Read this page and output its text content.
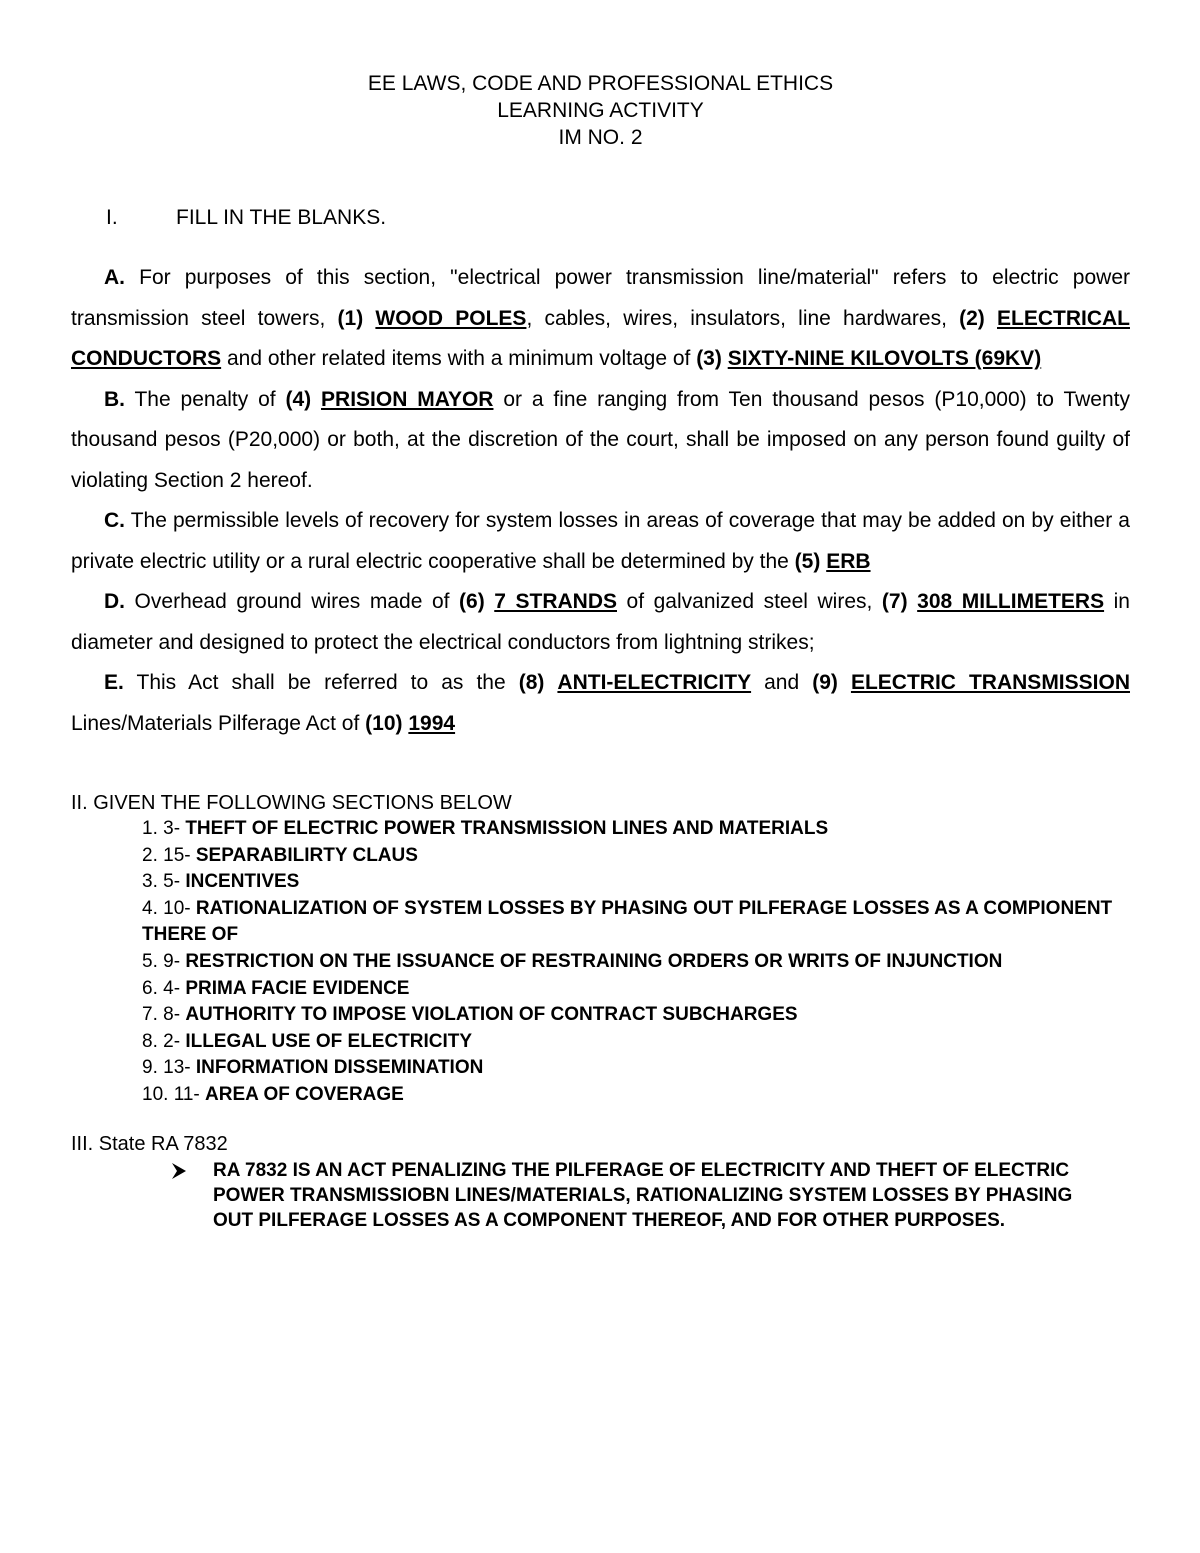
EE LAWS, CODE AND PROFESSIONAL ETHICS
LEARNING ACTIVITY
IM NO. 2
I.	FILL IN THE BLANKS.

A. For purposes of this section, "electrical power transmission line/material" refers to electric power transmission steel towers, (1) WOOD POLES, cables, wires, insulators, line hardwares, (2) ELECTRICAL CONDUCTORS and other related items with a minimum voltage of (3) SIXTY-NINE KILOVOLTS (69KV)

B. The penalty of (4) PRISION MAYOR or a fine ranging from Ten thousand pesos (P10,000) to Twenty thousand pesos (P20,000) or both, at the discretion of the court, shall be imposed on any person found guilty of violating Section 2 hereof.

C. The permissible levels of recovery for system losses in areas of coverage that may be added on by either a private electric utility or a rural electric cooperative shall be determined by the (5) ERB

D. Overhead ground wires made of (6) 7 STRANDS of galvanized steel wires, (7) 308 MILLIMETERS in diameter and designed to protect the electrical conductors from lightning strikes;

E. This Act shall be referred to as the (8) ANTI-ELECTRICITY and (9) ELECTRIC TRANSMISSION Lines/Materials Pilferage Act of (10) 1994

II. GIVEN THE FOLLOWING SECTIONS BELOW
1. 3- THEFT OF ELECTRIC POWER TRANSMISSION LINES AND MATERIALS
2. 15- SEPARABILIRTY CLAUS
3. 5- INCENTIVES
4. 10- RATIONALIZATION OF SYSTEM LOSSES BY PHASING OUT PILFERAGE LOSSES AS A COMPIONENT THERE OF
5. 9- RESTRICTION ON THE ISSUANCE OF RESTRAINING ORDERS OR WRITS OF INJUNCTION
6. 4- PRIMA FACIE EVIDENCE
7. 8- AUTHORITY TO IMPOSE VIOLATION OF CONTRACT SUBCHARGES
8. 2- ILLEGAL USE OF ELECTRICITY
9. 13- INFORMATION DISSEMINATION
10. 11- AREA OF COVERAGE
III. State RA 7832
RA 7832 IS AN ACT PENALIZING THE PILFERAGE OF ELECTRICITY AND THEFT OF ELECTRIC POWER TRANSMISSIOBN LINES/MATERIALS, RATIONALIZING SYSTEM LOSSES BY PHASING OUT PILFERAGE LOSSES AS A COMPONENT THEREOF, AND FOR OTHER PURPOSES.
